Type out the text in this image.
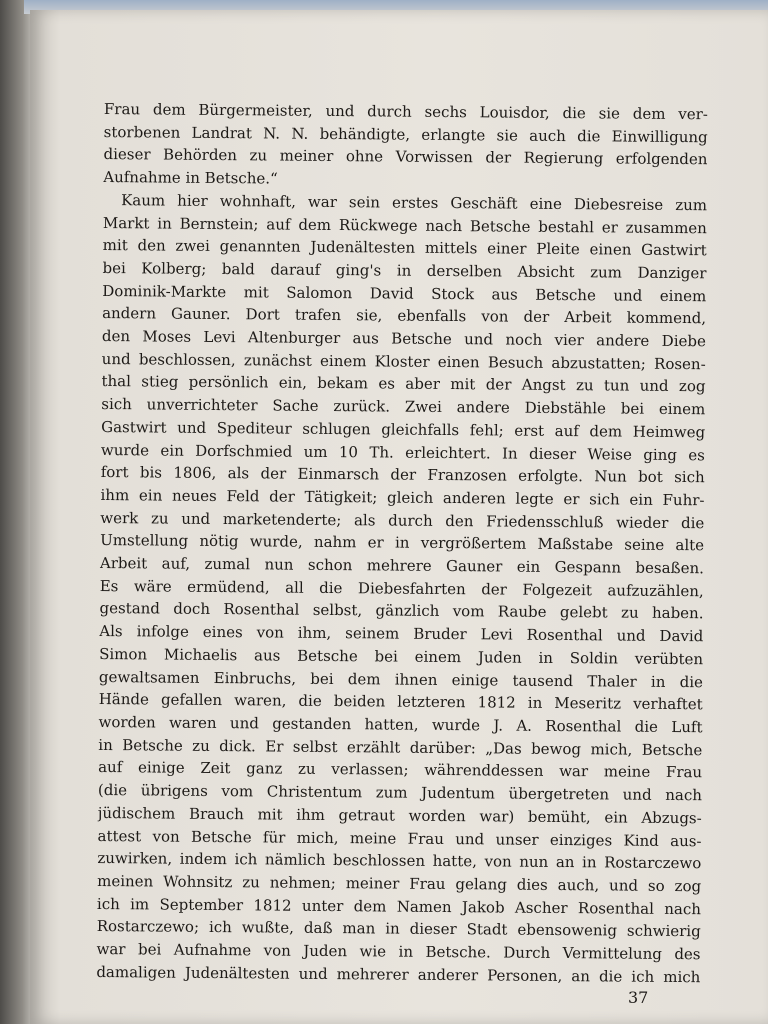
Frau dem Bürgermeister, und durch sechs Louisdor, die sie dem ver-
storbenen Landrat N. N. behändigte, erlangte sie auch die Einwilligung
dieser Behörden zu meiner ohne Vorwissen der Regierung erfolgenden
Aufnahme in Betsche.“
Kaum hier wohnhaft, war sein erstes Geschäft eine Diebesreise zum
Markt in Bernstein; auf dem Rückwege nach Betsche bestahl er zusammen
mit den zwei genannten Judenältesten mittels einer Pleite einen Gastwirt
bei Kolberg; bald darauf ging's in derselben Absicht zum Danziger
Dominik-Markte mit Salomon David Stock aus Betsche und einem
andern Gauner. Dort trafen sie, ebenfalls von der Arbeit kommend,
den Moses Levi Altenburger aus Betsche und noch vier andere Diebe
und beschlossen, zunächst einem Kloster einen Besuch abzustatten; Rosen-
thal stieg persönlich ein, bekam es aber mit der Angst zu tun und zog
sich unverrichteter Sache zurück. Zwei andere Diebstähle bei einem
Gastwirt und Spediteur schlugen gleichfalls fehl; erst auf dem Heimweg
wurde ein Dorfschmied um 10 Th. erleichtert. In dieser Weise ging es
fort bis 1806, als der Einmarsch der Franzosen erfolgte. Nun bot sich
ihm ein neues Feld der Tätigkeit; gleich anderen legte er sich ein Fuhr-
werk zu und marketenderte; als durch den Friedensschluß wieder die
Umstellung nötig wurde, nahm er in vergrößertem Maßstabe seine alte
Arbeit auf, zumal nun schon mehrere Gauner ein Gespann besaßen.
Es wäre ermüdend, all die Diebesfahrten der Folgezeit aufzuzählen,
gestand doch Rosenthal selbst, gänzlich vom Raube gelebt zu haben.
Als infolge eines von ihm, seinem Bruder Levi Rosenthal und David
Simon Michaelis aus Betsche bei einem Juden in Soldin verübten
gewaltsamen Einbruchs, bei dem ihnen einige tausend Thaler in die
Hände gefallen waren, die beiden letzteren 1812 in Meseritz verhaftet
worden waren und gestanden hatten, wurde J. A. Rosenthal die Luft
in Betsche zu dick. Er selbst erzählt darüber: „Das bewog mich, Betsche
auf einige Zeit ganz zu verlassen; währenddessen war meine Frau
(die übrigens vom Christentum zum Judentum übergetreten und nach
jüdischem Brauch mit ihm getraut worden war) bemüht, ein Abzugs-
attest von Betsche für mich, meine Frau und unser einziges Kind aus-
zuwirken, indem ich nämlich beschlossen hatte, von nun an in Rostarczewo
meinen Wohnsitz zu nehmen; meiner Frau gelang dies auch, und so zog
ich im September 1812 unter dem Namen Jakob Ascher Rosenthal nach
Rostarczewo; ich wußte, daß man in dieser Stadt ebensowenig schwierig
war bei Aufnahme von Juden wie in Betsche. Durch Vermittelung des
damaligen Judenältesten und mehrerer anderer Personen, an die ich mich
37
